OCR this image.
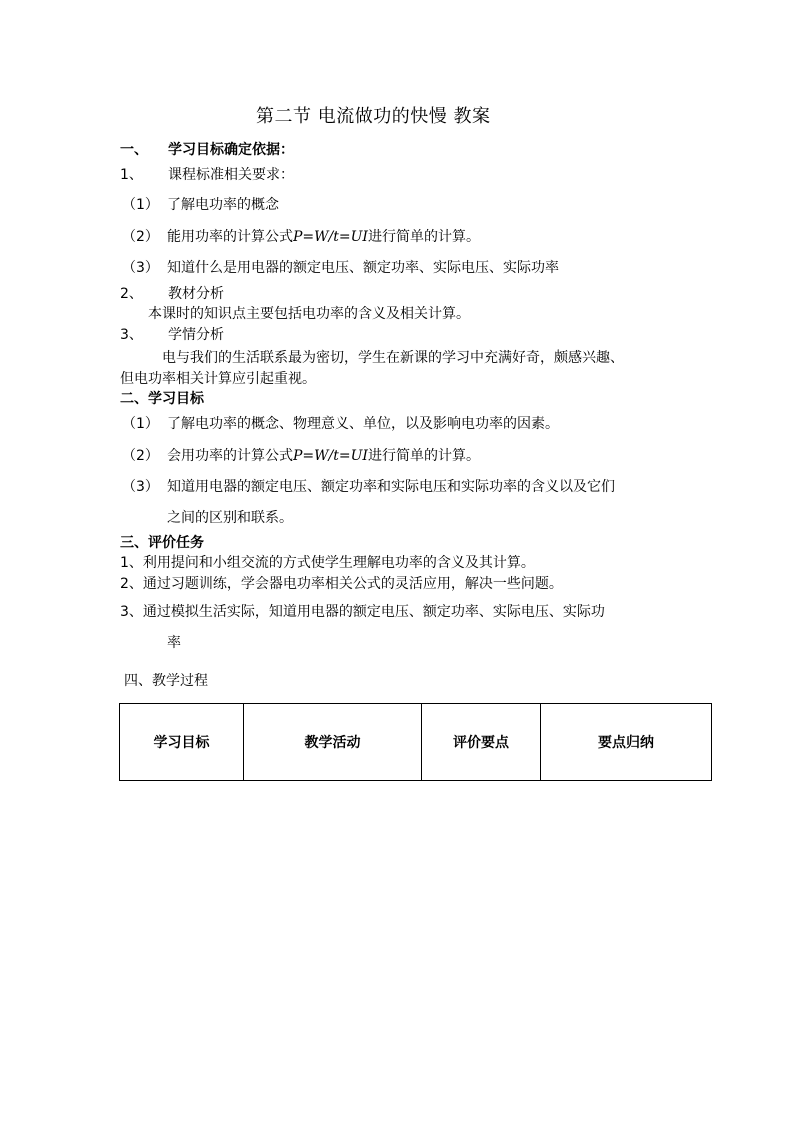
第二节 电流做功的快慢 教案
一、 学习目标确定依据：
1、 课程标准相关要求：
（1） 了解电功率的概念
（2） 能用功率的计算公式P=W/t=UI进行简单的计算。
（3） 知道什么是用电器的额定电压、额定功率、实际电压、实际功率
2、 教材分析
本课时的知识点主要包括电功率的含义及相关计算。
3、 学情分析
电与我们的生活联系最为密切，学生在新课的学习中充满好奇，颇感兴趣、
但电功率相关计算应引起重视。
二、学习目标
（1） 了解电功率的概念、物理意义、单位，以及影响电功率的因素。
（2） 会用功率的计算公式P=W/t=UI进行简单的计算。
（3） 知道用电器的额定电压、额定功率和实际电压和实际功率的含义以及它们
之间的区别和联系。
三、评价任务
1、利用提问和小组交流的方式使学生理解电功率的含义及其计算。
2、通过习题训练，学会器电功率相关公式的灵活应用，解决一些问题。
3、通过模拟生活实际，知道用电器的额定电压、额定功率、实际电压、实际功
率
四、教学过程
学习目标	教学活动	评价要点	要点归纳
